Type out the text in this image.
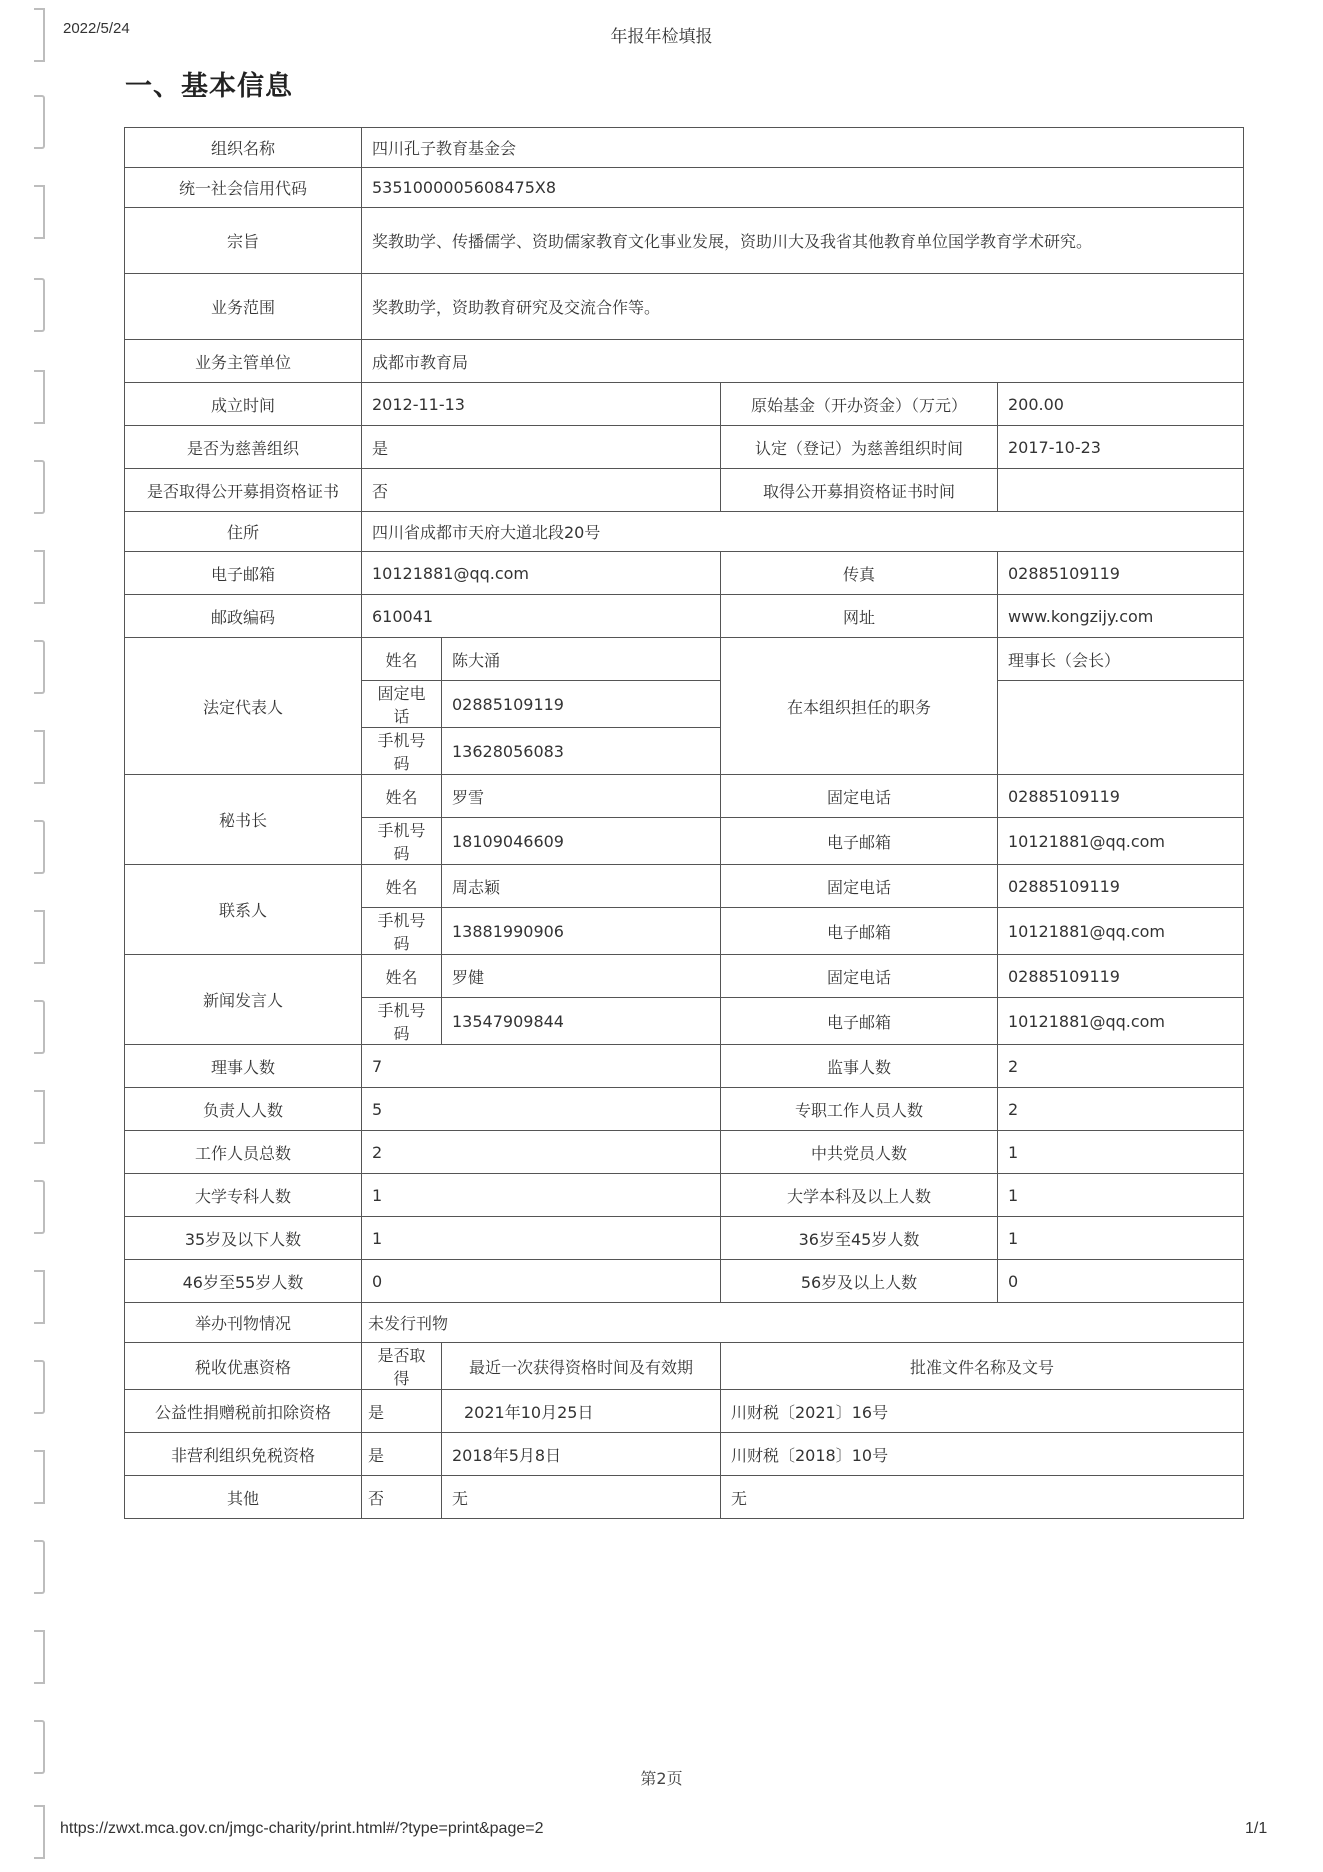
2022/5/24	年报年检填报
一、基本信息
组织名称	四川孔子教育基金会			
统一社会信用代码	5351000005608475X8			
宗旨	奖教助学、传播儒学、资助儒家教育文化事业发展，资助川大及我省其他教育单位国学教育学术研究。			
业务范围	奖教助学，资助教育研究及交流合作等。			
业务主管单位	成都市教育局			
成立时间	2012-11-13		原始基金（开办资金）（万元）	200.00
是否为慈善组织	是		认定（登记）为慈善组织时间	2017-10-23
是否取得公开募捐资格证书	否		取得公开募捐资格证书时间	
住所	四川省成都市天府大道北段20号			
电子邮箱	10121881@qq.com		传真	02885109119
邮政编码	610041		网址	www.kongzijy.com
法定代表人	姓名	陈大涌	在本组织担任的职务	理事长（会长）
	固定电话	02885109119		
	手机号码	13628056083		
秘书长	姓名	罗雪	固定电话	02885109119
	手机号码	18109046609	电子邮箱	10121881@qq.com
联系人	姓名	周志颖	固定电话	02885109119
	手机号码	13881990906	电子邮箱	10121881@qq.com
新闻发言人	姓名	罗健	固定电话	02885109119
	手机号码	13547909844	电子邮箱	10121881@qq.com
理事人数	7		监事人数	2
负责人人数	5		专职工作人员人数	2
工作人员总数	2		中共党员人数	1
大学专科人数	1		大学本科及以上人数	1
35岁及以下人数	1		36岁至45岁人数	1
46岁至55岁人数	0		56岁及以上人数	0
举办刊物情况	未发行刊物			
税收优惠资格	是否取得	最近一次获得资格时间及有效期	批准文件名称及文号	
公益性捐赠税前扣除资格	是	2021年10月25日	川财税〔2021〕16号	
非营利组织免税资格	是	2018年5月8日	川财税〔2018〕10号	
其他	否	无	无	
第2页
https://zwxt.mca.gov.cn/jmgc-charity/print.html#/?type=print&page=2	1/1
